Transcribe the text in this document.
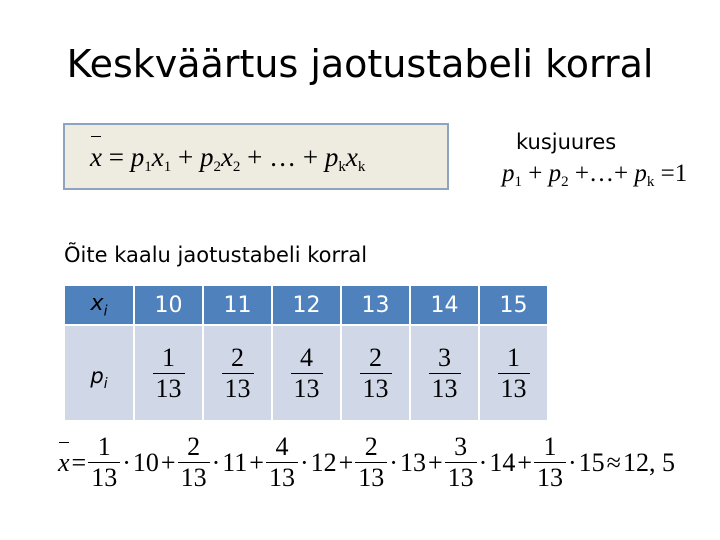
Keskväärtus jaotustabeli korral
$x = p_1x_1 + p_2x_2$ + … + $p_kx_k$
kusjuures
$p_1 + p_2$ +…+ $p_k =1$
Õite kaalu jaotustabeli korral
$x_i$	10	11	12	13	14	15
$p_i$	$\frac{1}{13}$	$\frac{2}{13}$	$\frac{4}{13}$	$\frac{2}{13}$	$\frac{3}{13}$	$\frac{1}{13}$
$x = \frac{1}{13} \cdot 10 + \frac{2}{13} \cdot 11 + \frac{4}{13} \cdot 12 + \frac{2}{13} \cdot 13 + \frac{3}{13} \cdot 14 + \frac{1}{13} \cdot 15 \approx 12$, 5
